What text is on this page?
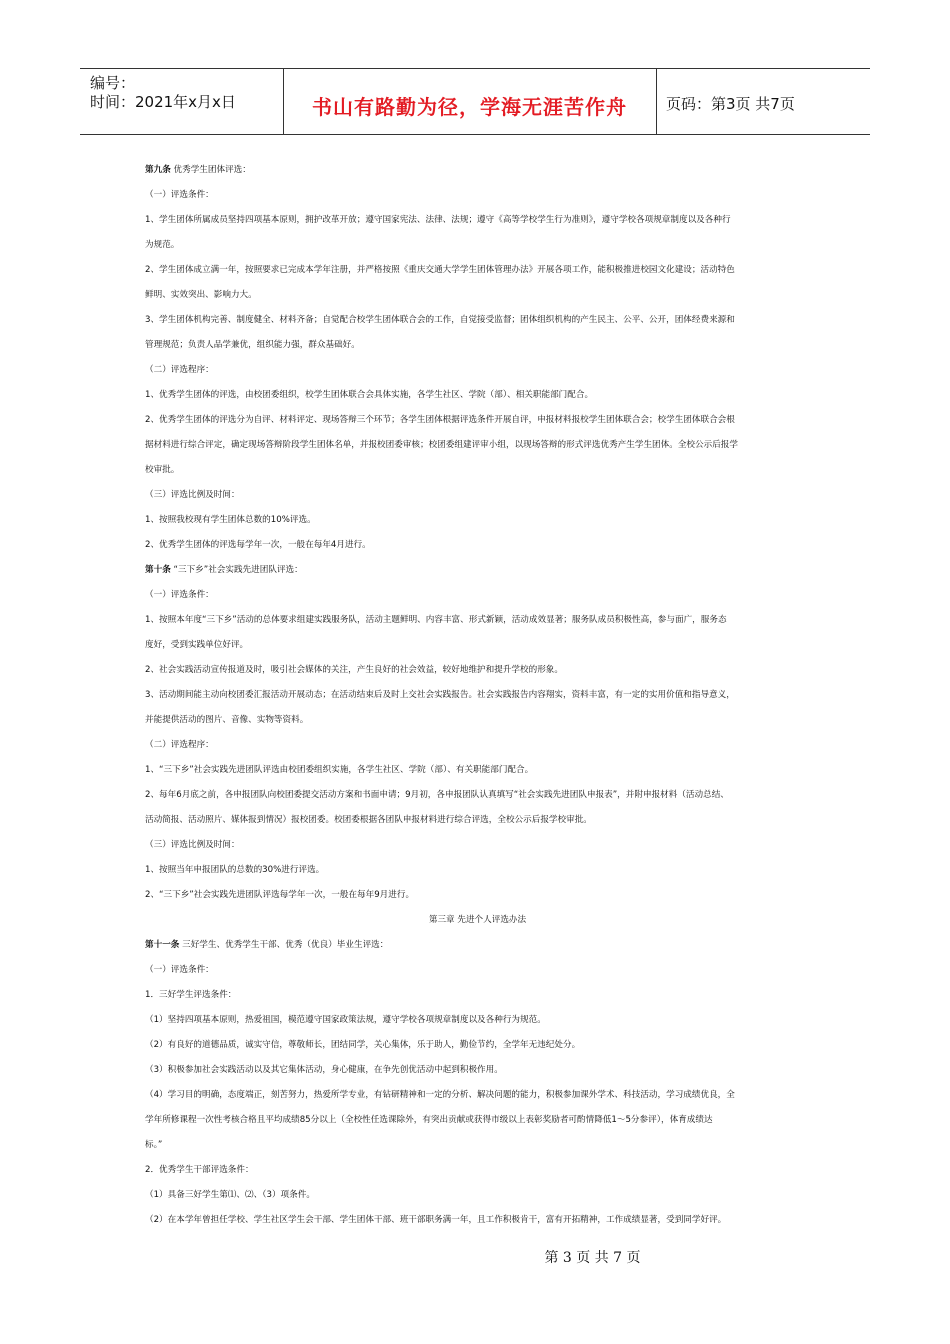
编号：
时间：2021年x月x日	书山有路勤为径，学海无涯苦作舟	页码：第3页 共7页
第九条 优秀学生团体评选：
（一）评选条件：
1、学生团体所属成员坚持四项基本原则，拥护改革开放；遵守国家宪法、法律、法规；遵守《高等学校学生行为准则》，遵守学校各项规章制度以及各种行
为规范。
2、学生团体成立满一年，按照要求已完成本学年注册，并严格按照《重庆交通大学学生团体管理办法》开展各项工作，能积极推进校园文化建设；活动特色
鲜明、实效突出、影响力大。
3、学生团体机构完善、制度健全、材料齐备；自觉配合校学生团体联合会的工作，自觉接受监督；团体组织机构的产生民主、公平、公开，团体经费来源和
管理规范；负责人品学兼优，组织能力强，群众基础好。
（二）评选程序：
1、优秀学生团体的评选，由校团委组织，校学生团体联合会具体实施，各学生社区、学院（部）、相关职能部门配合。
2、优秀学生团体的评选分为自评、材料评定、现场答辩三个环节；各学生团体根据评选条件开展自评，申报材料报校学生团体联合会；校学生团体联合会根
据材料进行综合评定，确定现场答辩阶段学生团体名单，并报校团委审核；校团委组建评审小组，以现场答辩的形式评选优秀产生学生团体。全校公示后报学
校审批。
（三）评选比例及时间：
1、按照我校现有学生团体总数的10%评选。
2、优秀学生团体的评选每学年一次，一般在每年4月进行。
第十条 “三下乡”社会实践先进团队评选：
（一）评选条件：
1、按照本年度“三下乡”活动的总体要求组建实践服务队，活动主题鲜明、内容丰富、形式新颖，活动成效显著；服务队成员积极性高，参与面广，服务态
度好，受到实践单位好评。
2、社会实践活动宣传报道及时，吸引社会媒体的关注，产生良好的社会效益，较好地维护和提升学校的形象。
3、活动期间能主动向校团委汇报活动开展动态；在活动结束后及时上交社会实践报告。社会实践报告内容翔实，资料丰富，有一定的实用价值和指导意义，
并能提供活动的图片、音像、实物等资料。
（二）评选程序：
1、“三下乡”社会实践先进团队评选由校团委组织实施，各学生社区、学院（部）、有关职能部门配合。
2、每年6月底之前，各申报团队向校团委提交活动方案和书面申请；9月初，各申报团队认真填写“社会实践先进团队申报表”，并附申报材料（活动总结、
活动简报、活动照片、媒体报到情况）报校团委。校团委根据各团队申报材料进行综合评选，全校公示后报学校审批。
（三）评选比例及时间：
1、按照当年申报团队的总数的30%进行评选。
2、“三下乡”社会实践先进团队评选每学年一次，一般在每年9月进行。
第三章 先进个人评选办法
第十一条 三好学生、优秀学生干部、优秀（优良）毕业生评选：
（一）评选条件：
1．三好学生评选条件：
（1）坚持四项基本原则，热爱祖国，模范遵守国家政策法规，遵守学校各项规章制度以及各种行为规范。
（2）有良好的道德品质，诚实守信，尊敬师长，团结同学，关心集体，乐于助人，勤俭节约，全学年无违纪处分。
（3）积极参加社会实践活动以及其它集体活动，身心健康，在争先创优活动中起到积极作用。
（4）学习目的明确，态度端正，刻苦努力，热爱所学专业，有钻研精神和一定的分析、解决问题的能力，积极参加课外学术、科技活动，学习成绩优良，全
学年所修课程一次性考核合格且平均成绩85分以上（全校性任选课除外，有突出贡献或获得市级以上表彰奖励者可酌情降低1～5分参评），体育成绩达
标。”
2．优秀学生干部评选条件：
（1）具备三好学生第⑴、⑵、（3）项条件。
（2）在本学年曾担任学校、学生社区学生会干部、学生团体干部、班干部职务满一年，且工作积极肯干，富有开拓精神，工作成绩显著，受到同学好评。
第 3 页 共 7 页
